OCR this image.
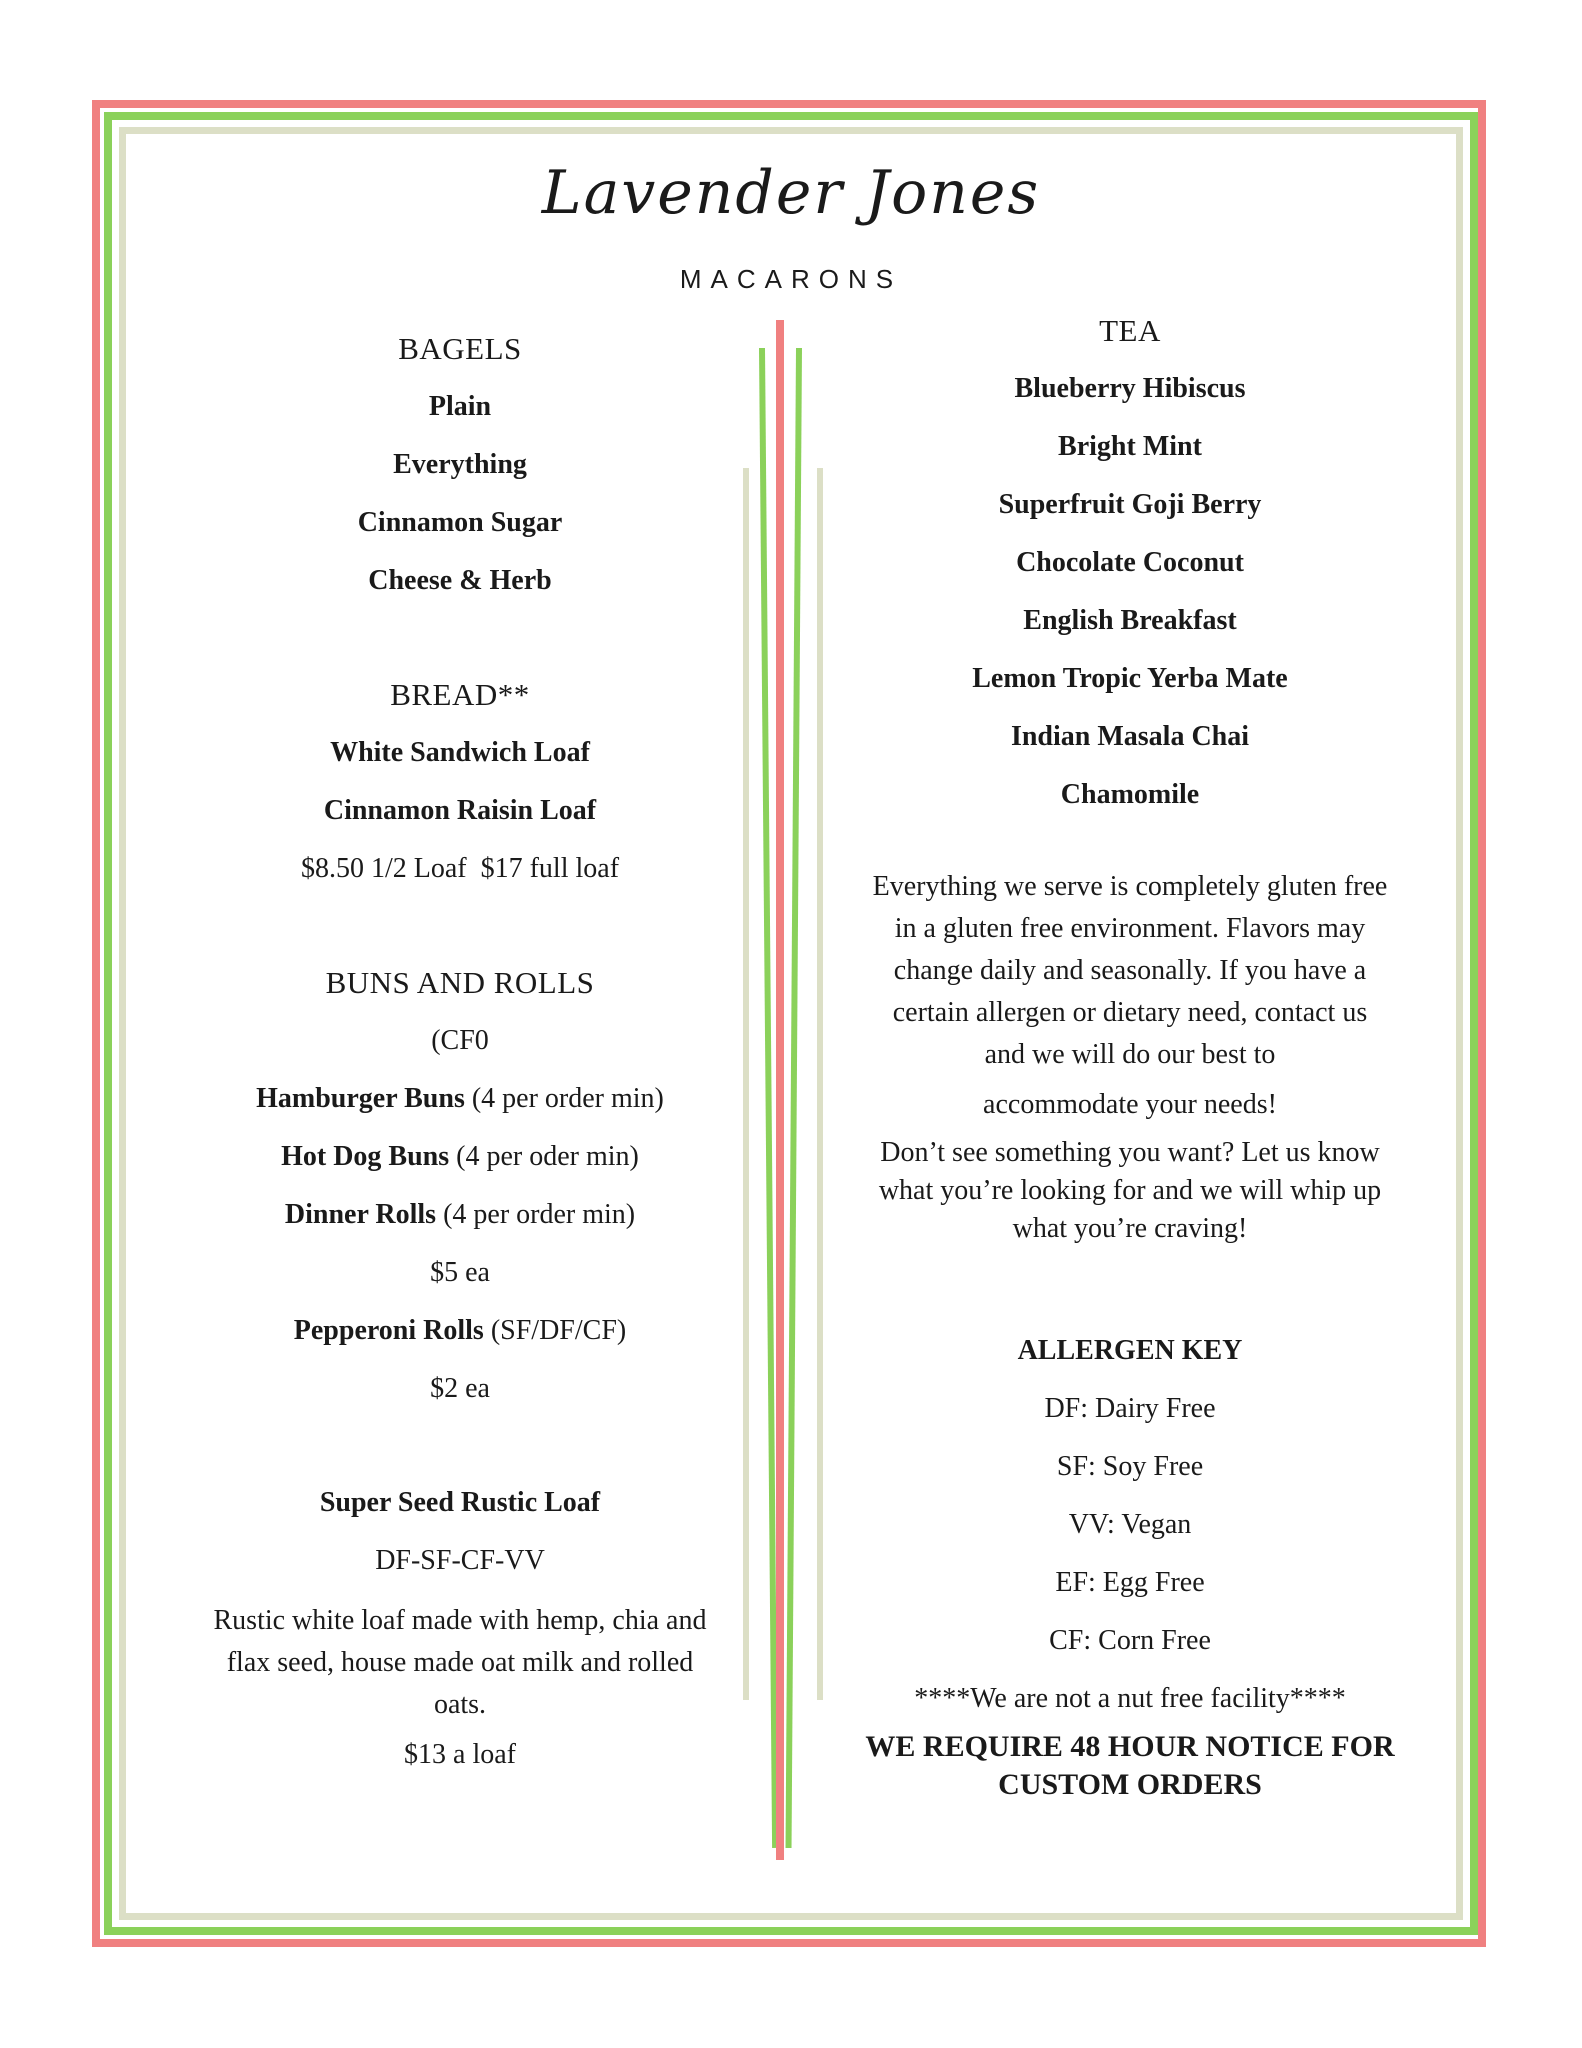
Lavender Jones
MACARONS
BAGELS
Plain
Everything
Cinnamon Sugar
Cheese & Herb
BREAD**
White Sandwich Loaf
Cinnamon Raisin Loaf
$8.50 1/2 Loaf  $17 full loaf
BUNS AND ROLLS
(CF0
Hamburger Buns (4 per order min)
Hot Dog Buns (4 per oder min)
Dinner Rolls (4 per order min)
$5 ea
Pepperoni Rolls (SF/DF/CF)
$2 ea
Super Seed Rustic Loaf
DF-SF-CF-VV
Rustic white loaf made with hemp, chia and
flax seed, house made oat milk and rolled
oats.
$13 a loaf
TEA
Blueberry Hibiscus
Bright Mint
Superfruit Goji Berry
Chocolate Coconut
English Breakfast
Lemon Tropic Yerba Mate
Indian Masala Chai
Chamomile
Everything we serve is completely gluten free
in a gluten free environment. Flavors may
change daily and seasonally. If you have a
certain allergen or dietary need, contact us
and we will do our best to
accommodate your needs!
Don’t see something you want? Let us know
what you’re looking for and we will whip up
what you’re craving!
ALLERGEN KEY
DF: Dairy Free
SF: Soy Free
VV: Vegan
EF: Egg Free
CF: Corn Free
****We are not a nut free facility****
WE REQUIRE 48 HOUR NOTICE FOR
CUSTOM ORDERS
